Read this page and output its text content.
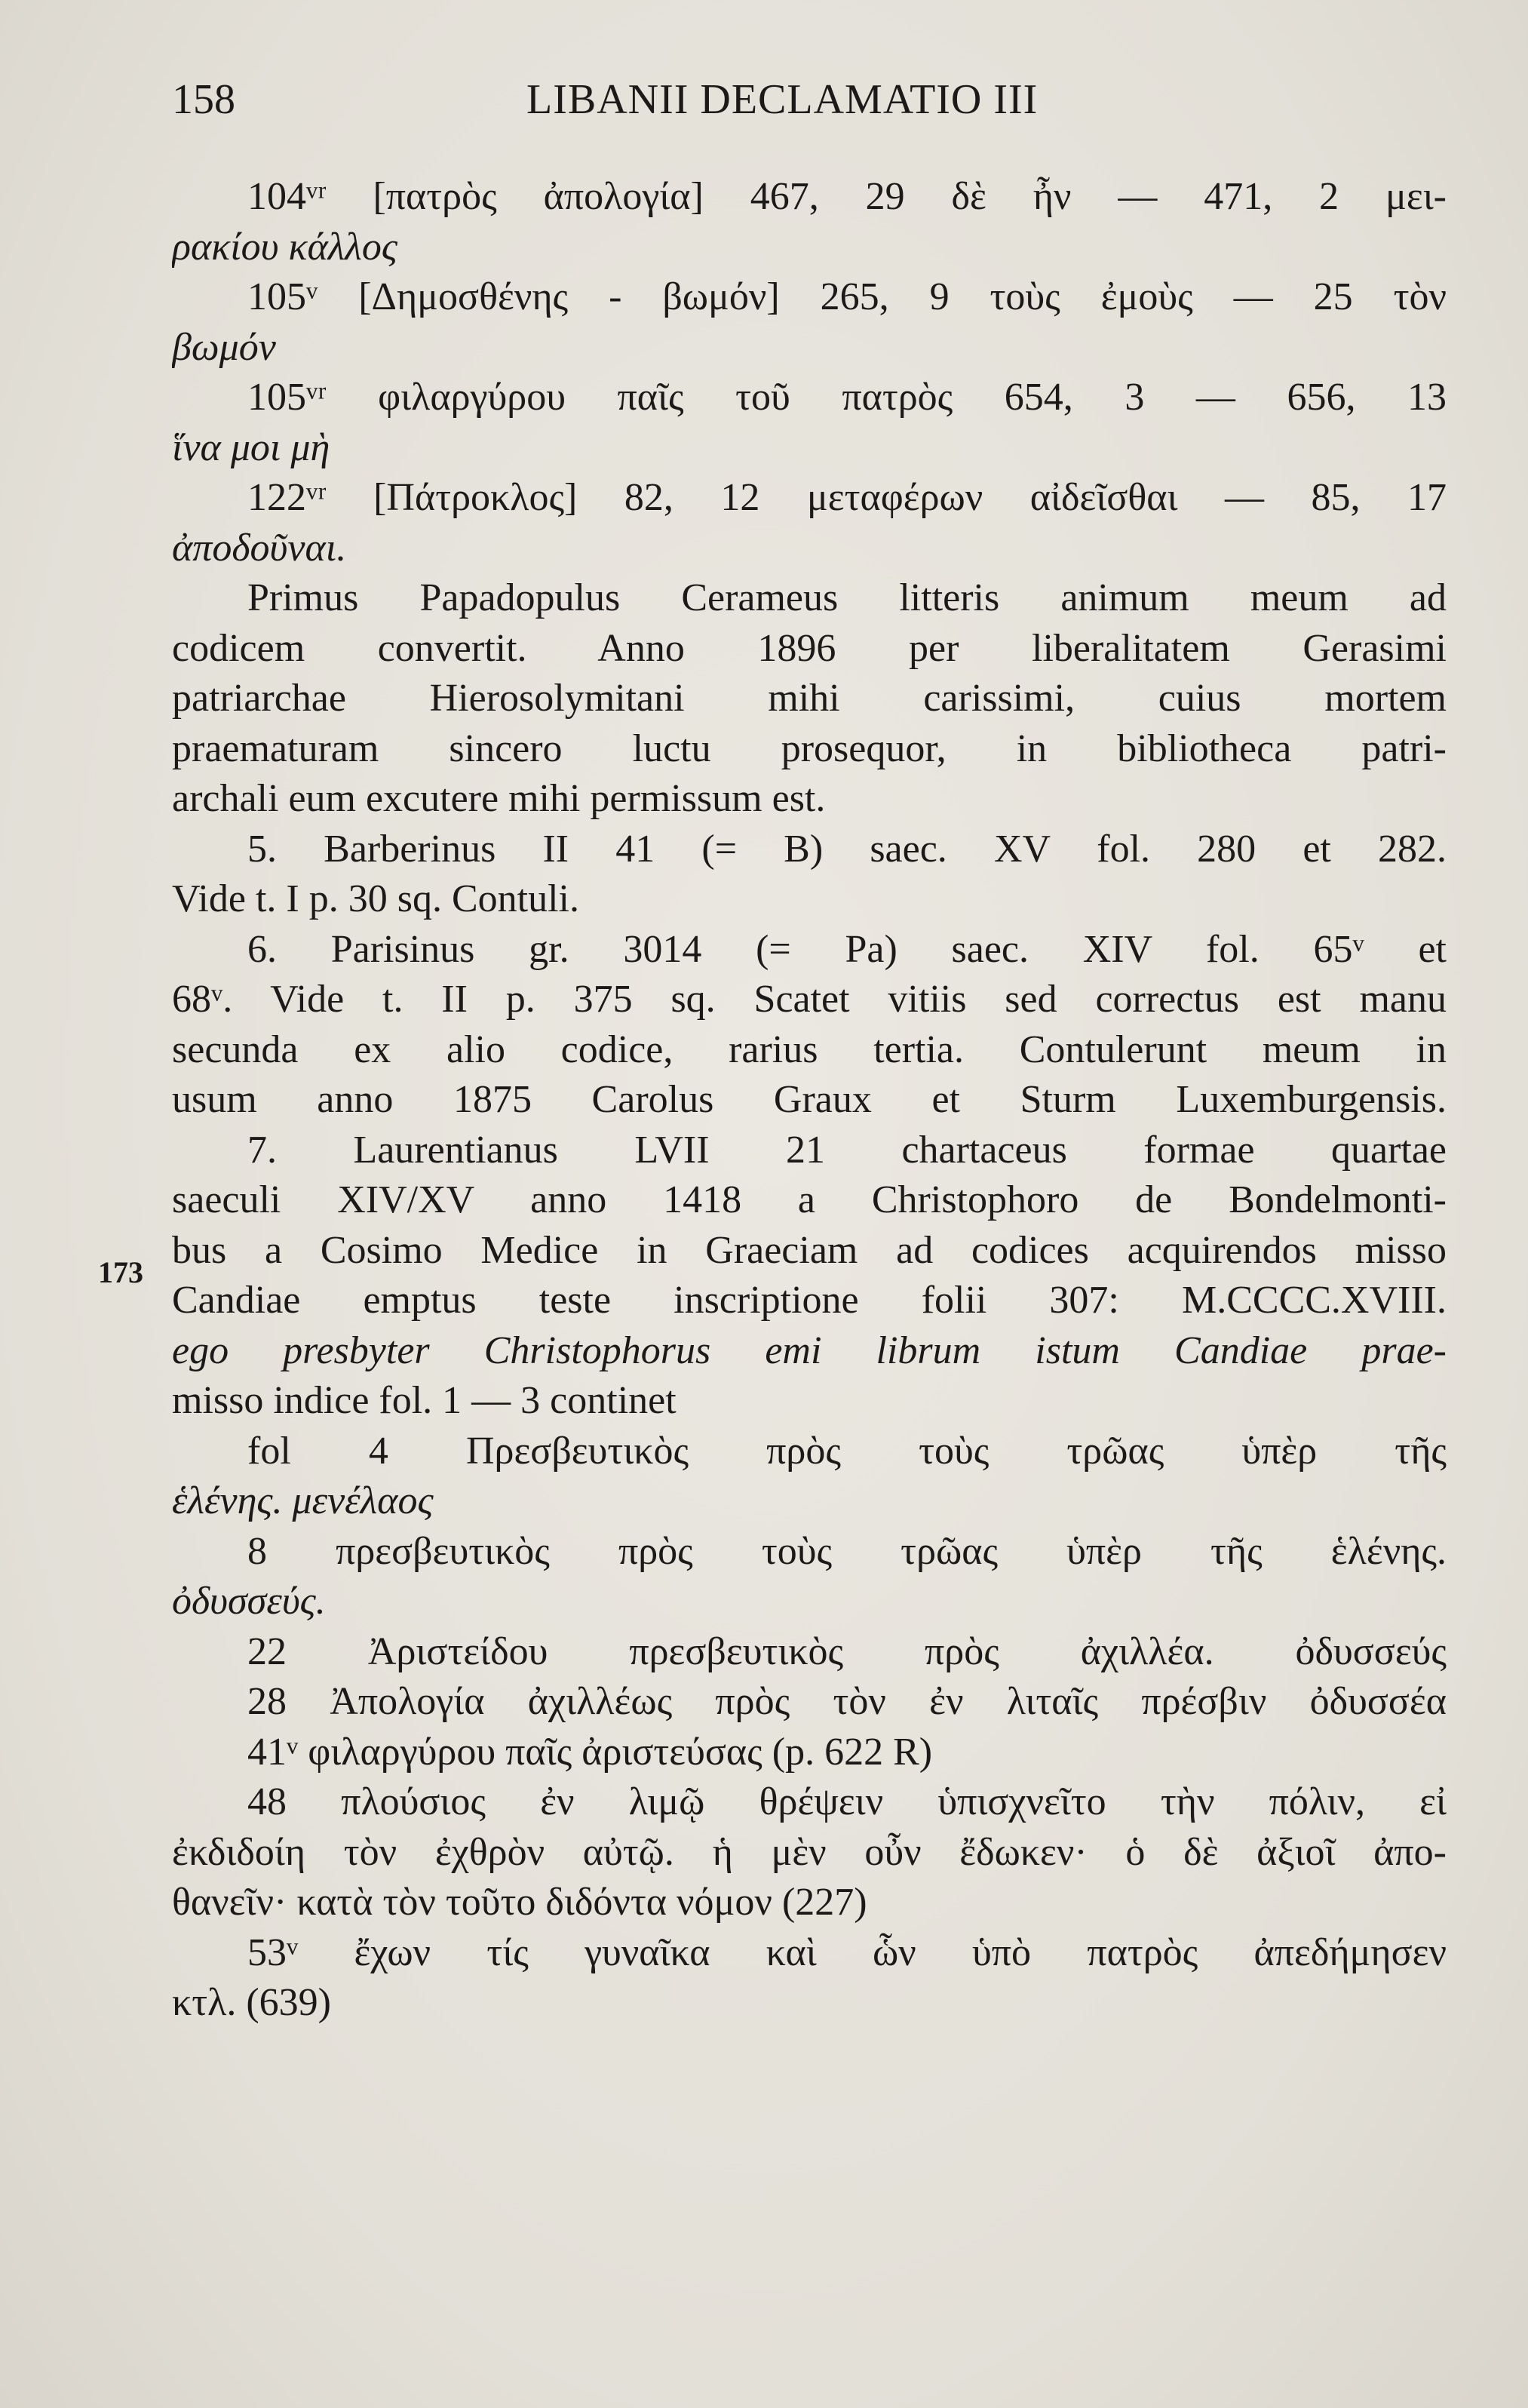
158	LIBANII DECLAMATIO III
173
104ᵛʳ [πατρὸς ἀπολογία] 467, 29 δὲ ἦν — 471, 2 μει-
ρακίου κάλλος
105ᵛ [Δημοσθένης - βωμόν] 265, 9 τοὺς ἐμοὺς — 25 τὸν
βωμόν
105ᵛʳ φιλαργύρου παῖς τοῦ πατρὸς 654, 3 — 656, 13
ἵνα μοι μὴ
122ᵛʳ [Πάτροκλος] 82, 12 μεταφέρων αἰδεῖσθαι — 85, 17
ἀποδοῦναι.
Primus Papadopulus Cerameus litteris animum meum ad
codicem convertit. Anno 1896 per liberalitatem Gerasimi
patriarchae Hierosolymitani mihi carissimi, cuius mortem
praematuram sincero luctu prosequor, in bibliotheca patri-
archali eum excutere mihi permissum est.
5. Barberinus II 41 (= B) saec. XV fol. 280 et 282.
Vide t. I p. 30 sq. Contuli.
6. Parisinus gr. 3014 (= Pa) saec. XIV fol. 65ᵛ et
68ᵛ. Vide t. II p. 375 sq. Scatet vitiis sed correctus est manu
secunda ex alio codice, rarius tertia. Contulerunt meum in
usum anno 1875 Carolus Graux et Sturm Luxemburgensis.
7. Laurentianus LVII 21 chartaceus formae quartae
saeculi XIV/XV anno 1418 a Christophoro de Bondelmonti-
bus a Cosimo Medice in Graeciam ad codices acquirendos misso
Candiae emptus teste inscriptione folii 307: M.CCCC.XVIII.
ego presbyter Christophorus emi librum istum Candiae prae-
misso indice fol. 1 — 3 continet
fol 4 Πρεσβευτικὸς πρὸς τοὺς τρῶας ὑπὲρ τῆς
ἑλένης. μενέλαος
8 πρεσβευτικὸς πρὸς τοὺς τρῶας ὑπὲρ τῆς ἑλένης.
ὀδυσσεύς.
22 Ἀριστείδου πρεσβευτικὸς πρὸς ἀχιλλέα. ὀδυσσεύς
28 Ἀπολογία ἀχιλλέως πρὸς τὸν ἐν λιταῖς πρέσβιν ὀδυσσέα
41ᵛ φιλαργύρου παῖς ἀριστεύσας (p. 622 R)
48 πλούσιος ἐν λιμῷ θρέψειν ὑπισχνεῖτο τὴν πόλιν, εἰ
ἐκδιδοίη τὸν ἐχθρὸν αὐτῷ. ἡ μὲν οὖν ἔδωκεν· ὁ δὲ ἀξιοῖ ἀπο-
θανεῖν· κατὰ τὸν τοῦτο διδόντα νόμον (227)
53ᵛ ἔχων τίς γυναῖκα καὶ ὧν ὑπὸ πατρὸς ἀπεδήμησεν
κτλ. (639)
